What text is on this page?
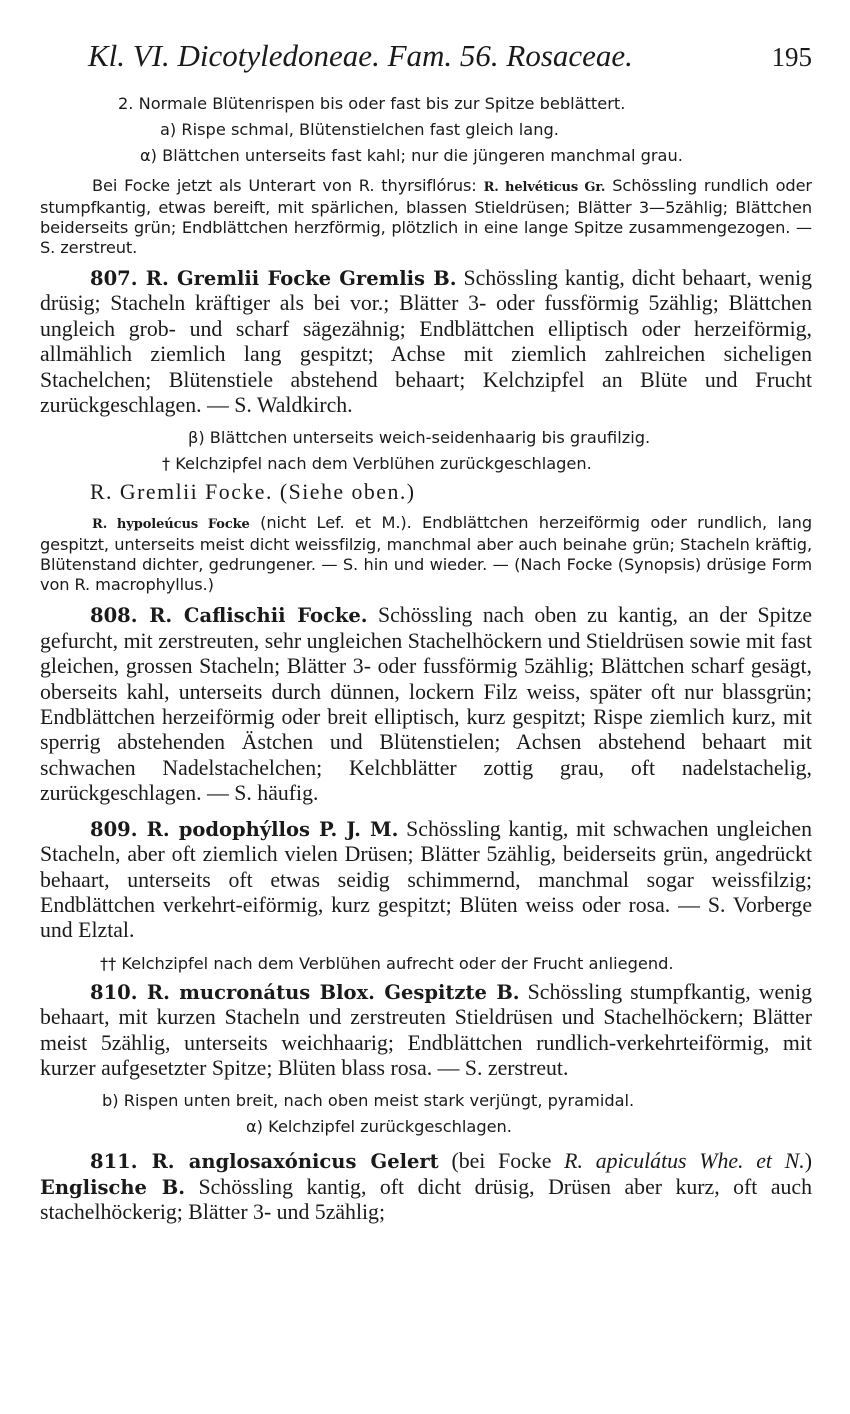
Kl. VI. Dicotyledoneae. Fam. 56. Rosaceae.	195

2. Normale Blütenrispen bis oder fast bis zur Spitze beblättert.

a) Rispe schmal, Blütenstielchen fast gleich lang.

α) Blättchen unterseits fast kahl; nur die jüngeren manchmal grau.

Bei Focke jetzt als Unterart von R. thyrsiflórus: R. helvéticus Gr. Schössling rundlich oder stumpfkantig, etwas bereift, mit spärlichen, blassen Stieldrüsen; Blätter 3—5zählig; Blättchen beiderseits grün; Endblättchen herzförmig, plötzlich in eine lange Spitze zusammengezogen. — S. zerstreut.

807. R. Gremlii Focke Gremlis B. Schössling kantig, dicht behaart, wenig drüsig; Stacheln kräftiger als bei vor.; Blätter 3- oder fussförmig 5zählig; Blättchen ungleich grob- und scharf sägezähnig; Endblättchen elliptisch oder herzeiförmig, allmählich ziemlich lang gespitzt; Achse mit ziemlich zahlreichen sicheligen Stachelchen; Blütenstiele abstehend behaart; Kelchzipfel an Blüte und Frucht zurückgeschlagen. — S. Waldkirch.

β) Blättchen unterseits weich-seidenhaarig bis graufilzig.

† Kelchzipfel nach dem Verblühen zurückgeschlagen.

R. Gremlii Focke. (Siehe oben.)

R. hypoleúcus Focke (nicht Lef. et M.). Endblättchen herzeiförmig oder rundlich, lang gespitzt, unterseits meist dicht weissfilzig, manchmal aber auch beinahe grün; Stacheln kräftig, Blütenstand dichter, gedrungener. — S. hin und wieder. — (Nach Focke (Synopsis) drüsige Form von R. macrophyllus.)

808. R. Caflischii Focke. Schössling nach oben zu kantig, an der Spitze gefurcht, mit zerstreuten, sehr ungleichen Stachelhöckern und Stieldrüsen sowie mit fast gleichen, grossen Stacheln; Blätter 3- oder fussförmig 5zählig; Blättchen scharf gesägt, oberseits kahl, unterseits durch dünnen, lockern Filz weiss, später oft nur blassgrün; Endblättchen herzeiförmig oder breit elliptisch, kurz gespitzt; Rispe ziemlich kurz, mit sperrig abstehenden Ästchen und Blütenstielen; Achsen abstehend behaart mit schwachen Nadelstachelchen; Kelchblätter zottig grau, oft nadelstachelig, zurückgeschlagen. — S. häufig.

809. R. podophýllos P. J. M. Schössling kantig, mit schwachen ungleichen Stacheln, aber oft ziemlich vielen Drüsen; Blätter 5zählig, beiderseits grün, angedrückt behaart, unterseits oft etwas seidig schimmernd, manchmal sogar weissfilzig; Endblättchen verkehrt-eiförmig, kurz gespitzt; Blüten weiss oder rosa. — S. Vorberge und Elztal.

†† Kelchzipfel nach dem Verblühen aufrecht oder der Frucht anliegend.

810. R. mucronátus Blox. Gespitzte B. Schössling stumpfkantig, wenig behaart, mit kurzen Stacheln und zerstreuten Stieldrüsen und Stachelhöckern; Blätter meist 5zählig, unterseits weichhaarig; Endblättchen rundlich-verkehrteiförmig, mit kurzer aufgesetzter Spitze; Blüten blass rosa. — S. zerstreut.

b) Rispen unten breit, nach oben meist stark verjüngt, pyramidal.

α) Kelchzipfel zurückgeschlagen.

811. R. anglosaxónicus Gelert (bei Focke R. apiculátus Whe. et N.) Englische B. Schössling kantig, oft dicht drüsig, Drüsen aber kurz, oft auch stachelhöckerig; Blätter 3- und 5zählig;
